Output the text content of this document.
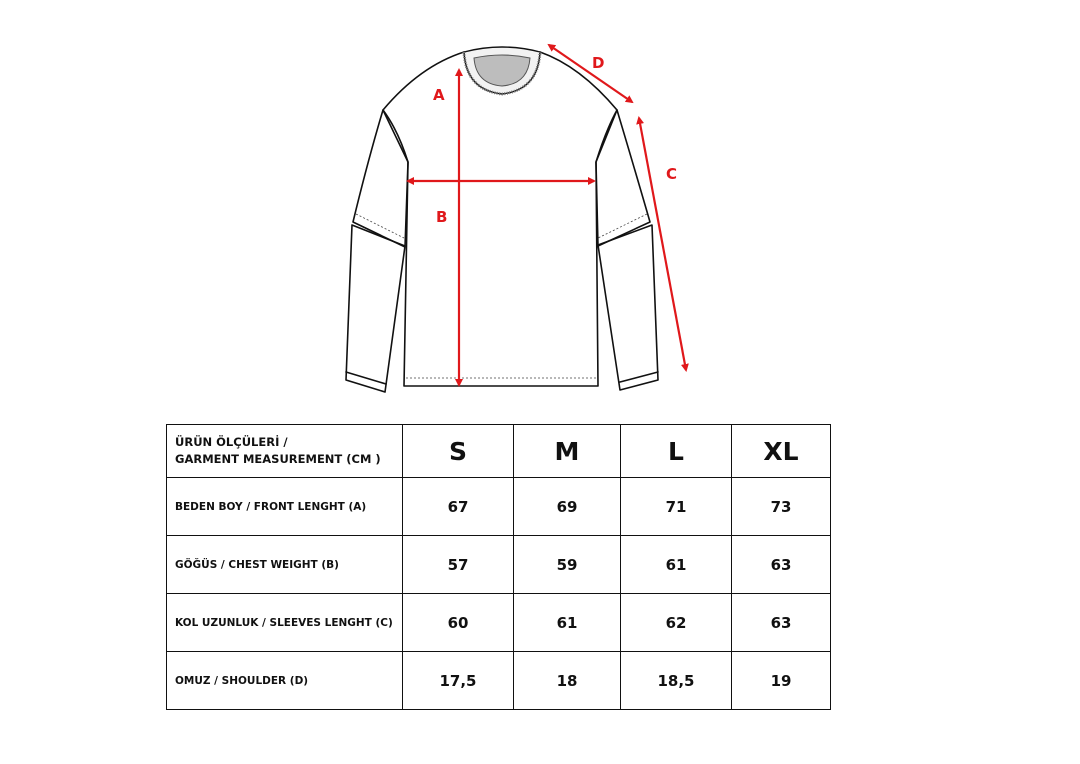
A
B
C
D
ÜRÜN ÖLÇÜLERİ /
GARMENT MEASUREMENT (CM )	S	M	L	XL
BEDEN BOY / FRONT LENGHT (A)	67	69	71	73
GÖĞÜS / CHEST WEIGHT (B)	57	59	61	63
KOL UZUNLUK / SLEEVES LENGHT (C)	60	61	62	63
OMUZ / SHOULDER (D)	17,5	18	18,5	19
